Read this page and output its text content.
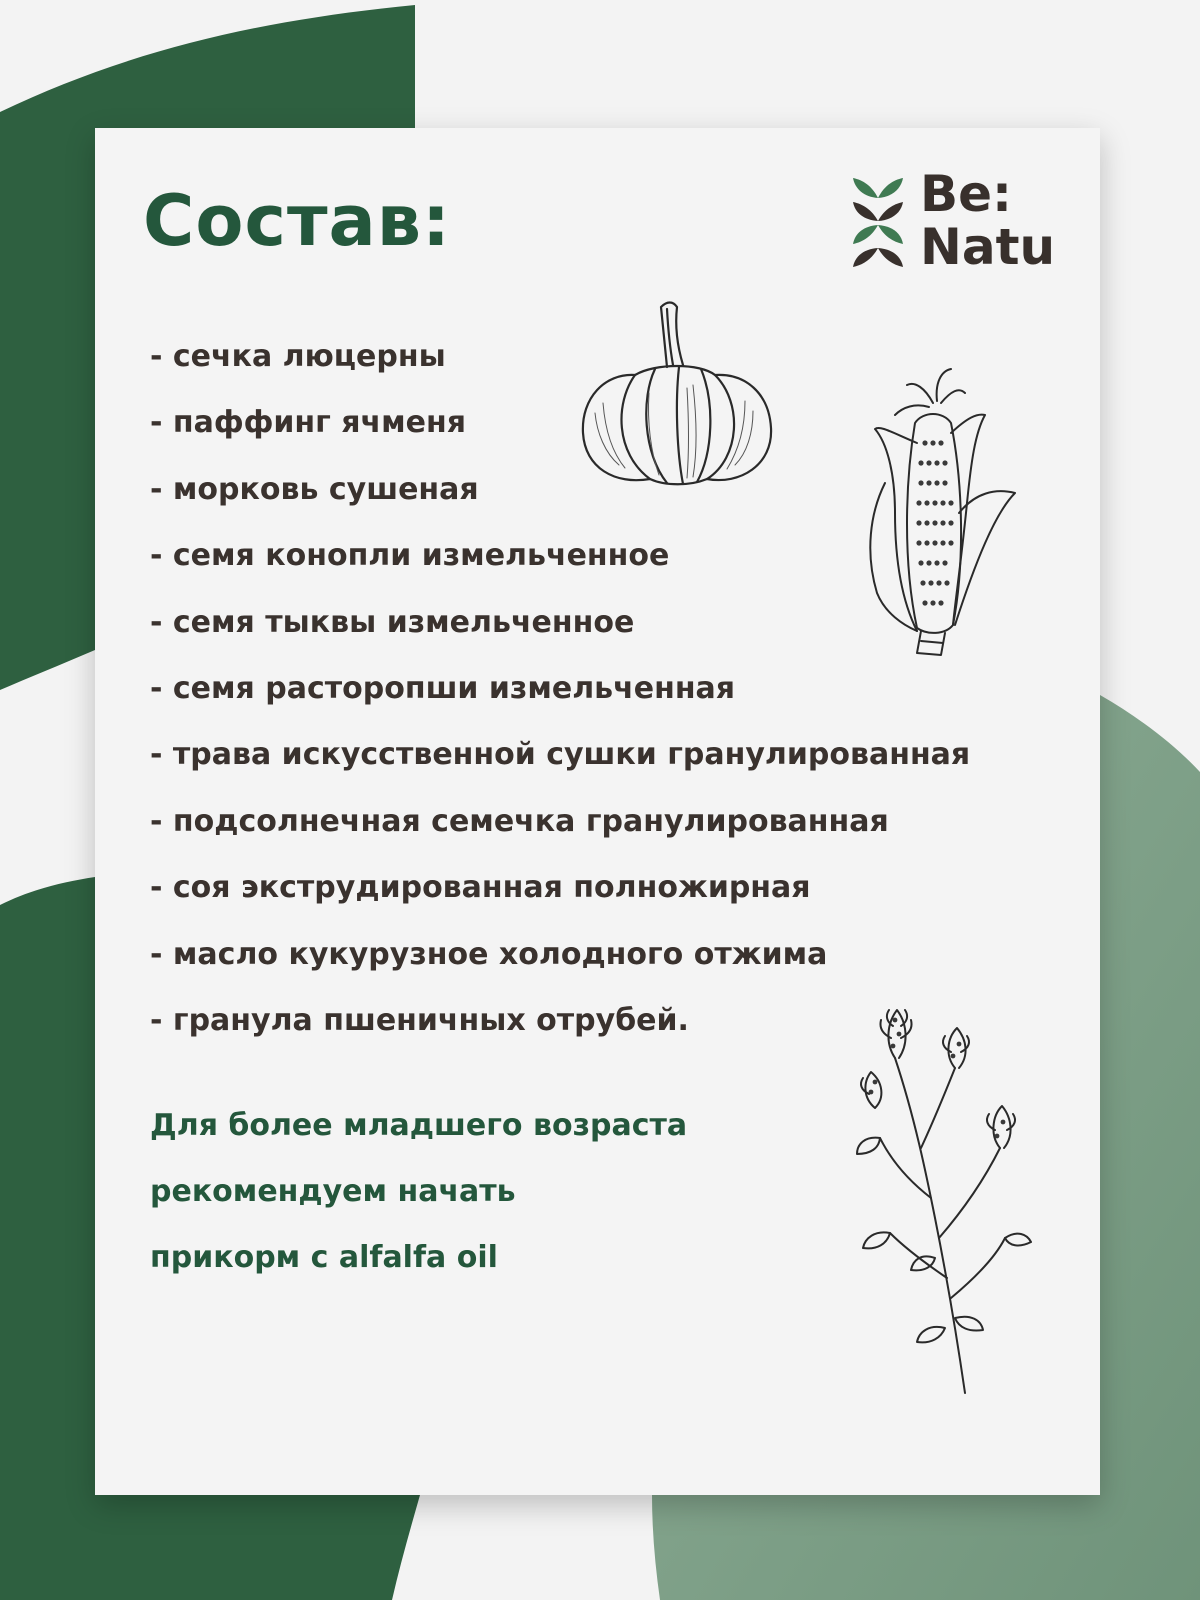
Состав:	Be:
Natu
- сечка люцерны
- паффинг ячменя
- морковь сушеная
- семя конопли измельченное
- семя тыквы измельченное
- семя расторопши измельченная
- трава искусственной сушки гранулированная
- подсолнечная семечка гранулированная
- соя экструдированная полножирная
- масло кукурузное холодного отжима
- гранула пшеничных отрубей.
Для более младшего возраста
рекомендуем начать
прикорм с alfalfa oil
